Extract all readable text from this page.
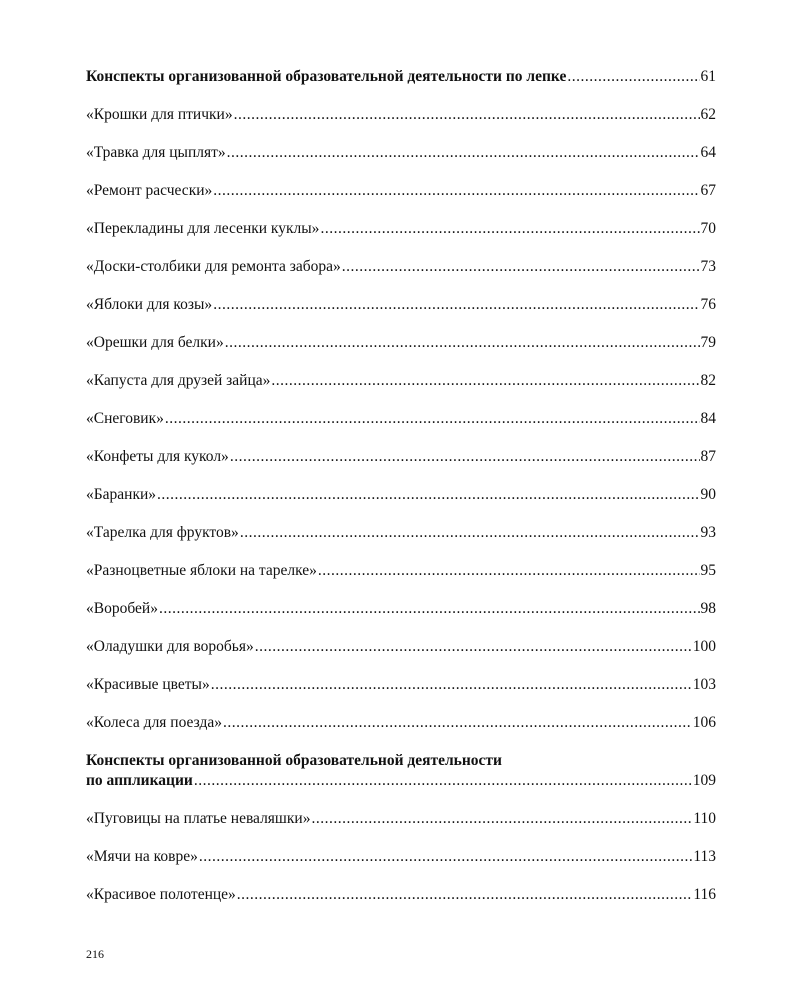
Конспекты организованной образовательной деятельности по лепке .....	61
«Крошки для птички» .....	62
«Травка для цыплят» .....	64
«Ремонт расчески» .....	67
«Перекладины для лесенки куклы» .....	70
«Доски-столбики для ремонта забора» .....	73
«Яблоки для козы» .....	76
«Орешки для белки» .....	79
«Капуста для друзей зайца» .....	82
«Снеговик» .....	84
«Конфеты для кукол» .....	87
«Баранки» .....	90
«Тарелка для фруктов» .....	93
«Разноцветные яблоки на тарелке» .....	95
«Воробей» .....	98
«Оладушки для воробья» .....	100
«Красивые цветы» .....	103
«Колеса для поезда» .....	106
Конспекты организованной образовательной деятельности
по аппликации .....	109
«Пуговицы на платье неваляшки» .....	110
«Мячи на ковре» .....	113
«Красивое полотенце» .....	116
216
